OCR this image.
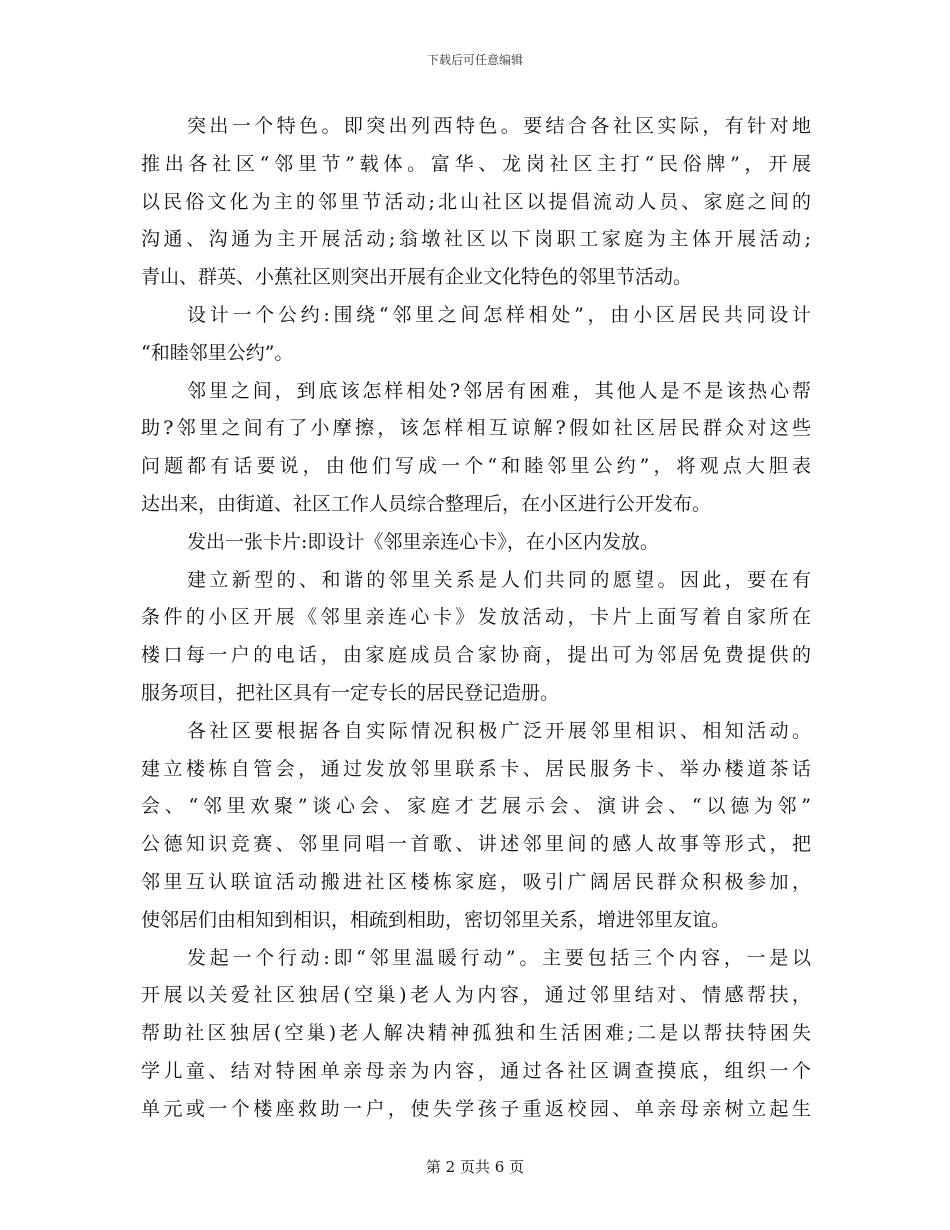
下载后可任意编辑
突出一个特色。即突出列西特色。要结合各社区实际，有针对地
推出各社区“邻里节”载体。富华、龙岗社区主打“民俗牌”，开展
以民俗文化为主的邻里节活动;北山社区以提倡流动人员、家庭之间的
沟通、沟通为主开展活动;翁墩社区以下岗职工家庭为主体开展活动;
青山、群英、小蕉社区则突出开展有企业文化特色的邻里节活动。
设计一个公约:围绕“邻里之间怎样相处”，由小区居民共同设计
“和睦邻里公约”。
邻里之间，到底该怎样相处?邻居有困难，其他人是不是该热心帮
助?邻里之间有了小摩擦，该怎样相互谅解?假如社区居民群众对这些
问题都有话要说，由他们写成一个“和睦邻里公约”，将观点大胆表
达出来，由街道、社区工作人员综合整理后，在小区进行公开发布。
发出一张卡片:即设计《邻里亲连心卡》，在小区内发放。
建立新型的、和谐的邻里关系是人们共同的愿望。因此，要在有
条件的小区开展《邻里亲连心卡》发放活动，卡片上面写着自家所在
楼口每一户的电话，由家庭成员合家协商，提出可为邻居免费提供的
服务项目，把社区具有一定专长的居民登记造册。
各社区要根据各自实际情况积极广泛开展邻里相识、相知活动。
建立楼栋自管会，通过发放邻里联系卡、居民服务卡、举办楼道茶话
会、“邻里欢聚”谈心会、家庭才艺展示会、演讲会、“以德为邻”
公德知识竞赛、邻里同唱一首歌、讲述邻里间的感人故事等形式，把
邻里互认联谊活动搬进社区楼栋家庭，吸引广阔居民群众积极参加，
使邻居们由相知到相识，相疏到相助，密切邻里关系，增进邻里友谊。
发起一个行动:即“邻里温暖行动”。主要包括三个内容，一是以
开展以关爱社区独居(空巢)老人为内容，通过邻里结对、情感帮扶，
帮助社区独居(空巢)老人解决精神孤独和生活困难;二是以帮扶特困失
学儿童、结对特困单亲母亲为内容，通过各社区调查摸底，组织一个
单元或一个楼座救助一户，使失学孩子重返校园、单亲母亲树立起生
第 2 页共 6 页
